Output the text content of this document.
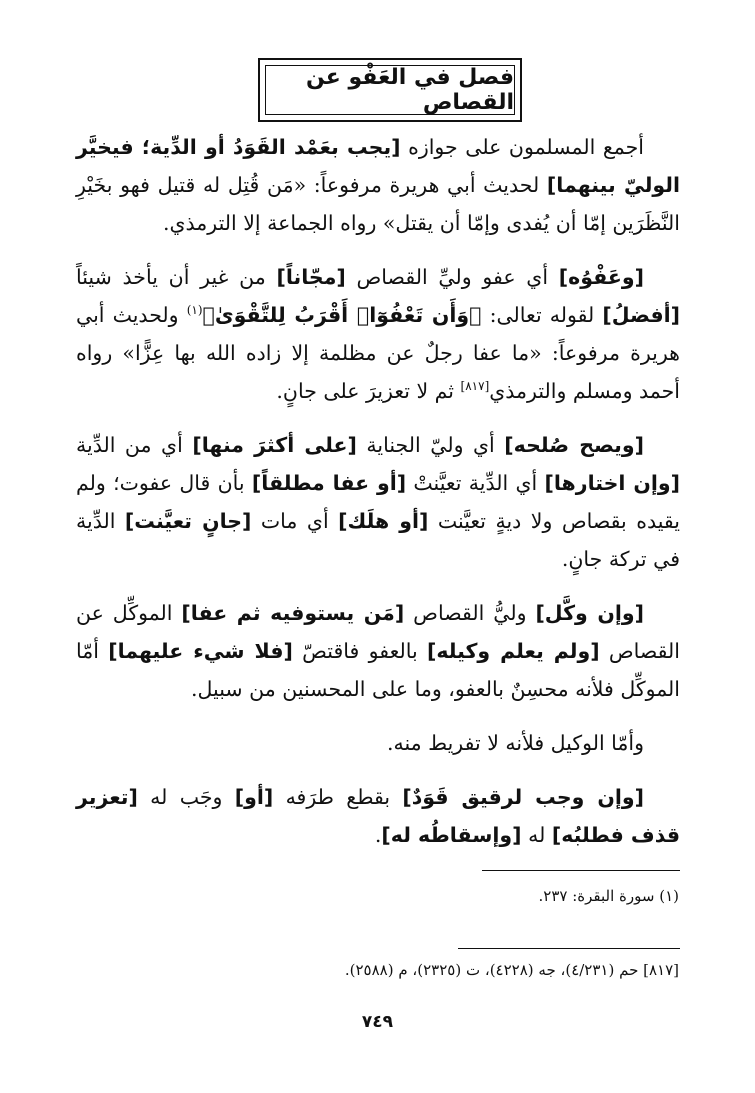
فصل في العَفْو عن القصاص

أجمع المسلمون على جوازه [يجب بعَمْد القَوَدُ أو الدِّية؛ فيخيَّر الوليّ بينهما] لحديث أبي هريرة مرفوعاً: «مَن قُتِل له قتيل فهو بخَيْرِ النَّظَرَين إمّا أن يُفدى وإمّا أن يقتل» رواه الجماعة إلا الترمذي.

[وعَفْوُه] أي عفو وليِّ القصاص [مجّاناً] من غير أن يأخذ شيئاً [أفضلُ] لقوله تعالى: ﴿وَأَن تَعْفُوٓا۟ أَقْرَبُ لِلتَّقْوَىٰ﴾$^{(١)}$ ولحديث أبي هريرة مرفوعاً: «ما عفا رجلٌ عن مظلمة إلا زاده الله بها عِزًّا» رواه أحمد ومسلم والترمذي[٨١٧] ثم لا تعزيرَ على جانٍ.

[ويصح صُلحه] أي وليّ الجناية [على أكثرَ منها] أي من الدِّية [وإن اختارها] أي الدِّية تعيَّنتْ [أو عفا مطلقاً] بأن قال عفوت؛ ولم يقيده بقصاص ولا ديةٍ تعيَّنت [أو هلَك] أي مات [جانٍ تعيَّنت] الدِّية في تركة جانٍ.

[وإن وكَّل] وليُّ القصاص [مَن يستوفيه ثم عفا] الموكِّل عن القصاص [ولم يعلم وكيله] بالعفو فاقتصّ [فلا شيء عليهما] أمّا الموكِّل فلأنه محسِنٌ بالعفو، وما على المحسنين من سبيل.

وأمّا الوكيل فلأنه لا تفريط منه.

[وإن وجب لرقيق قَوَدٌ] بقطع طرَفه [أو] وجَب له [تعزير قذف فطلبُه] له [وإسقاطُه له].

(١) سورة البقرة: ٢٣٧.
[٨١٧] حم (٤/٢٣١)، جه (٤٢٢٨)، ت (٢٣٢٥)، م (٢٥٨٨).
٧٤٩
